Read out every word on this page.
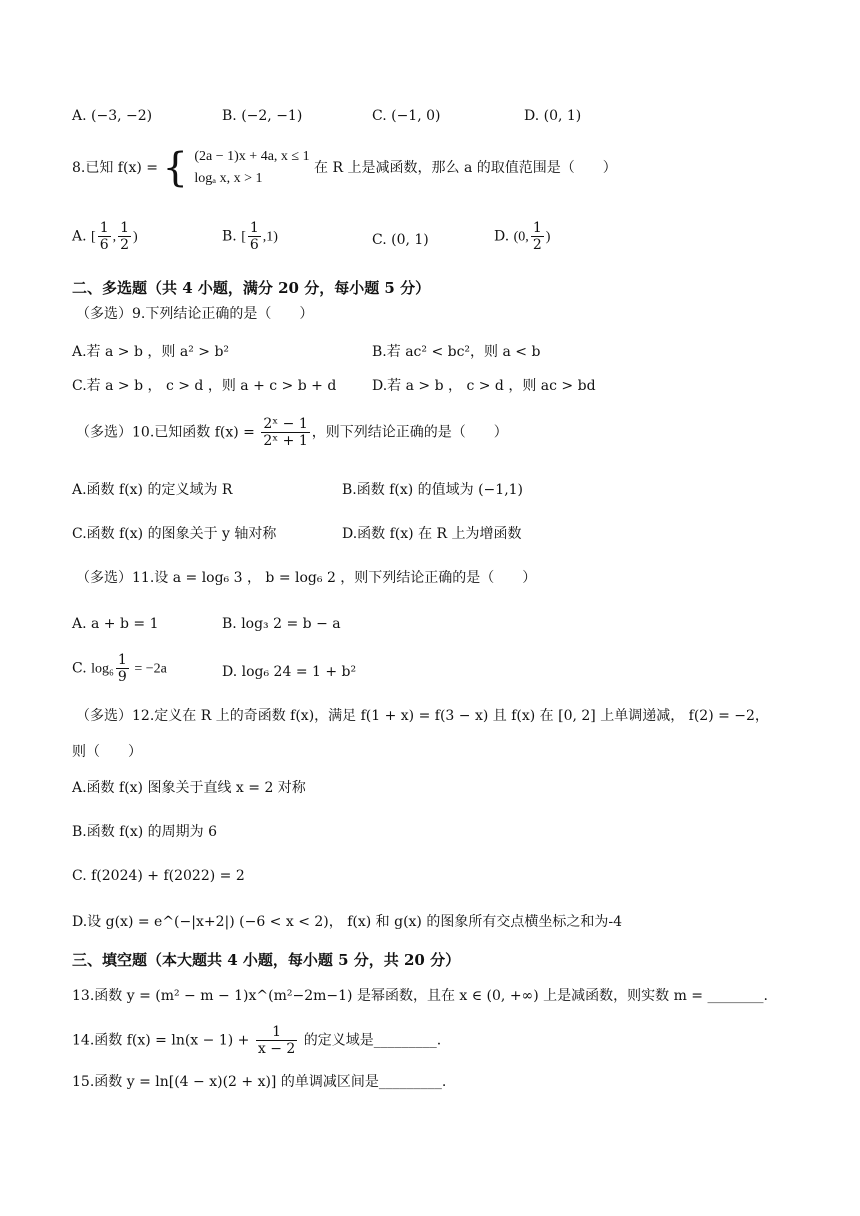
A. (−3, −2)	B. (−2, −1)	C. (−1, 0)	D. (0, 1)
8.已知 f(x) = { (2a − 1)x + 4a, x ≤ 1
logₐ x, x > 1
在 R 上是减函数，那么 a 的取值范围是（　　）
A. [ $\frac{1}{6}$ , $\frac{1}{2}$ )	B. [ $\frac{1}{6} ,1$)	C. (0, 1)	D. (0, $\frac{1}{2}$ )
二、多选题（共 4 小题，满分 20 分，每小题 5 分）
（多选）9.下列结论正确的是（　　）
A.若 a > b ，则 a² > b²	B.若 ac² < bc²，则 a < b
C.若 a > b ， c > d ，则 a + c > b + d	D.若 a > b ， c > d ，则 ac > bd
（多选）10.已知函数 $f(x) = \frac{\text{2ˣ − 1}}{\text{2ˣ + 1}}$ ，则下列结论正确的是（　　）
A.函数 f(x) 的定义域为 R	B.函数 f(x) 的值域为 (−1,1)
C.函数 f(x) 的图象关于 y 轴对称	D.函数 f(x) 在 R 上为增函数
（多选）11.设 a = log₆ 3 ， b = log₆ 2 ，则下列结论正确的是（　　）
A. a + b = 1	B. log₃ 2 = b − a
C. $\log_6 \frac{1}{9} = -2a$	D. log₆ 24 = 1 + b²
（多选）12.定义在 R 上的奇函数 f(x)，满足 f(1 + x) = f(3 − x) 且 f(x) 在 [0, 2] 上单调递减， f(2) = −2，
则（　　）
A.函数 f(x) 图象关于直线 x = 2 对称
B.函数 f(x) 的周期为 6
C. f(2024) + f(2022) = 2
D.设 g(x) = e^(−|x+2|) (−6 < x < 2)， f(x) 和 g(x) 的图象所有交点横坐标之和为-4
三、填空题（本大题共 4 小题，每小题 5 分，共 20 分）
13.函数 y = (m² − m − 1)x^(m²−2m−1) 是幂函数，且在 x ∈ (0, +∞) 上是减函数，则实数 m = ________.
14.函数 $f(x) = \ln(x - 1) + \frac{1}{x - 2}$ 的定义域是_________.
15.函数 y = ln[(4 − x)(2 + x)] 的单调减区间是_________.
